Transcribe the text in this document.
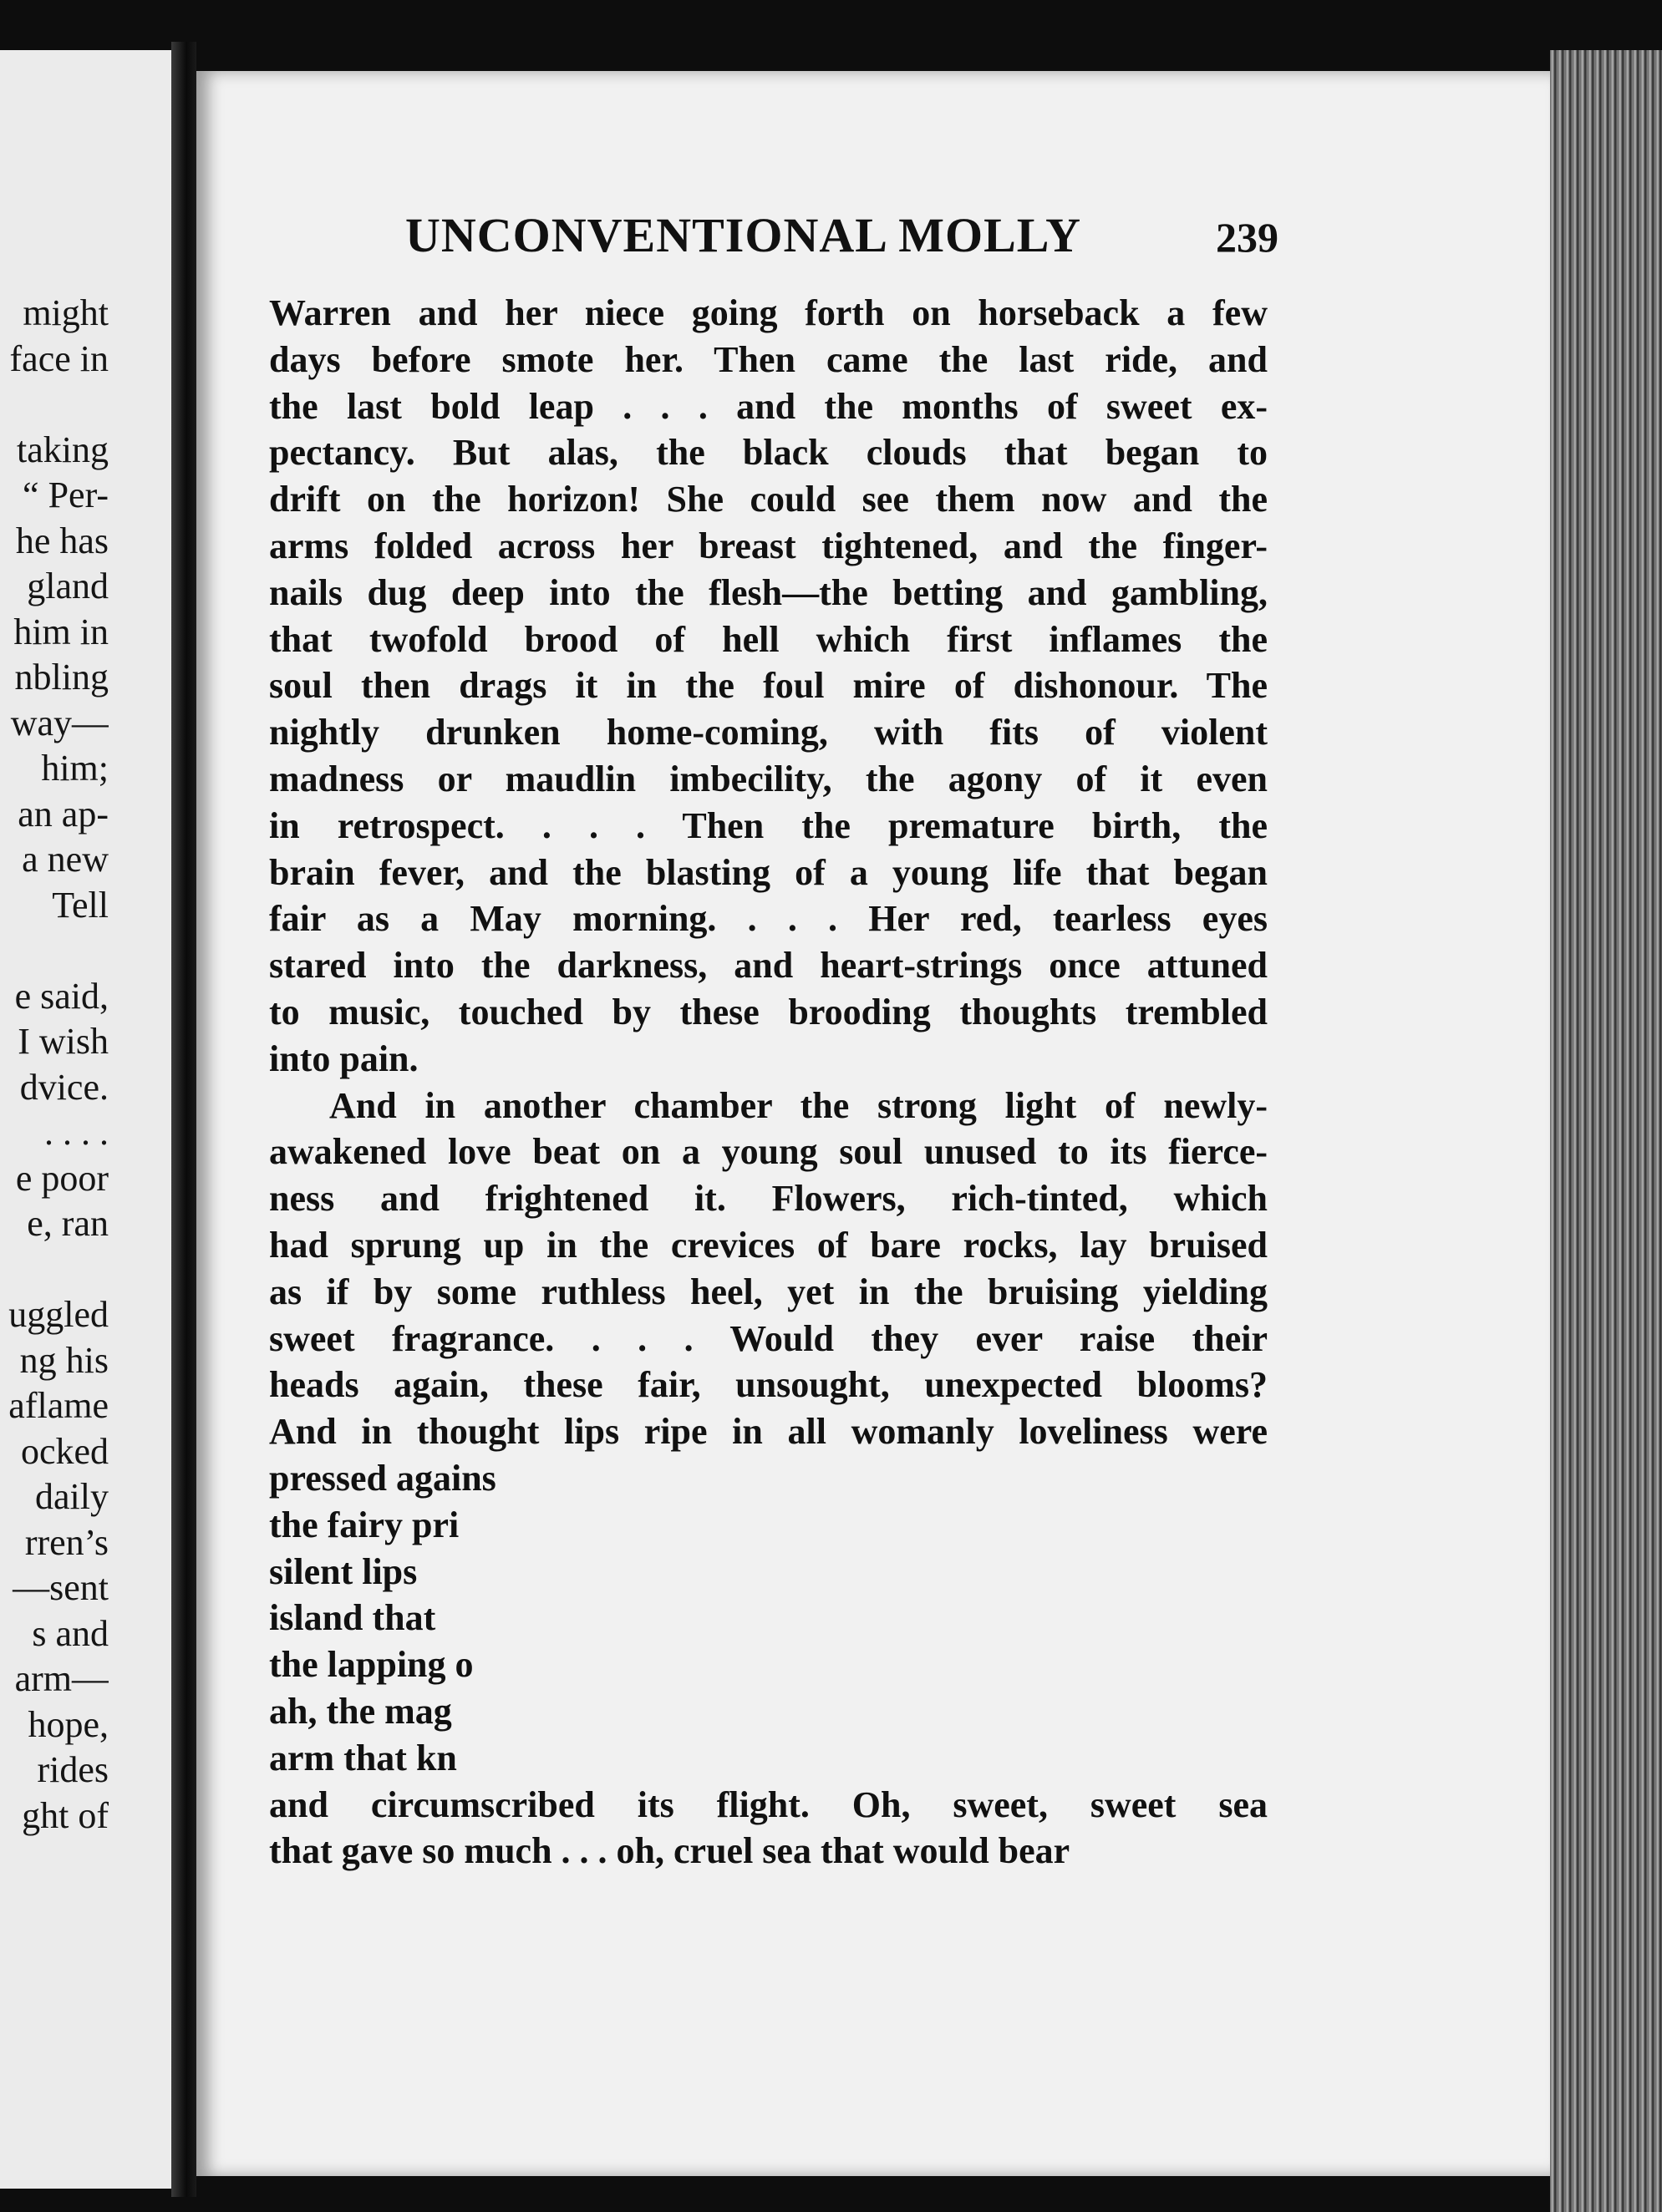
might
face in
taking
“ Per-
he has
gland
him in
nbling
way—
him;
an ap-
a new
Tell
e said,
I wish
dvice.
. . . .
e poor
e, ran
uggled
ng his
aflame
ocked
daily
rren’s
—sent
s and
arm—
hope,
rides
ght of
UNCONVENTIONAL MOLLY	239
Warren and her niece going forth on horseback a few
days before smote her. Then came the last ride, and
the last bold leap . . . and the months of sweet ex-
pectancy. But alas, the black clouds that began to
drift on the horizon! She could see them now and the
arms folded across her breast tightened, and the finger-
nails dug deep into the flesh—the betting and gambling,
that twofold brood of hell which first inflames the
soul then drags it in the foul mire of dishonour. The
nightly drunken home-coming, with fits of violent
madness or maudlin imbecility, the agony of it even
in retrospect. . . . Then the premature birth, the
brain fever, and the blasting of a young life that began
fair as a May morning. . . . Her red, tearless eyes
stared into the darkness, and heart-strings once attuned
to music, touched by these brooding thoughts trembled
into pain.
And in another chamber the strong light of newly-
awakened love beat on a young soul unused to its fierce-
ness and frightened it. Flowers, rich-tinted, which
had sprung up in the crevices of bare rocks, lay bruised
as if by some ruthless heel, yet in the bruising yielding
sweet fragrance. . . . Would they ever raise their
heads again, these fair, unsought, unexpected blooms?
And in thought lips ripe in all womanly loveliness were
pressed agains
the fairy pri
silent lips
island that
the lapping o
ah, the mag
arm that kn
and circumscribed its flight. Oh, sweet, sweet sea
that gave so much . . . oh, cruel sea that would bear
